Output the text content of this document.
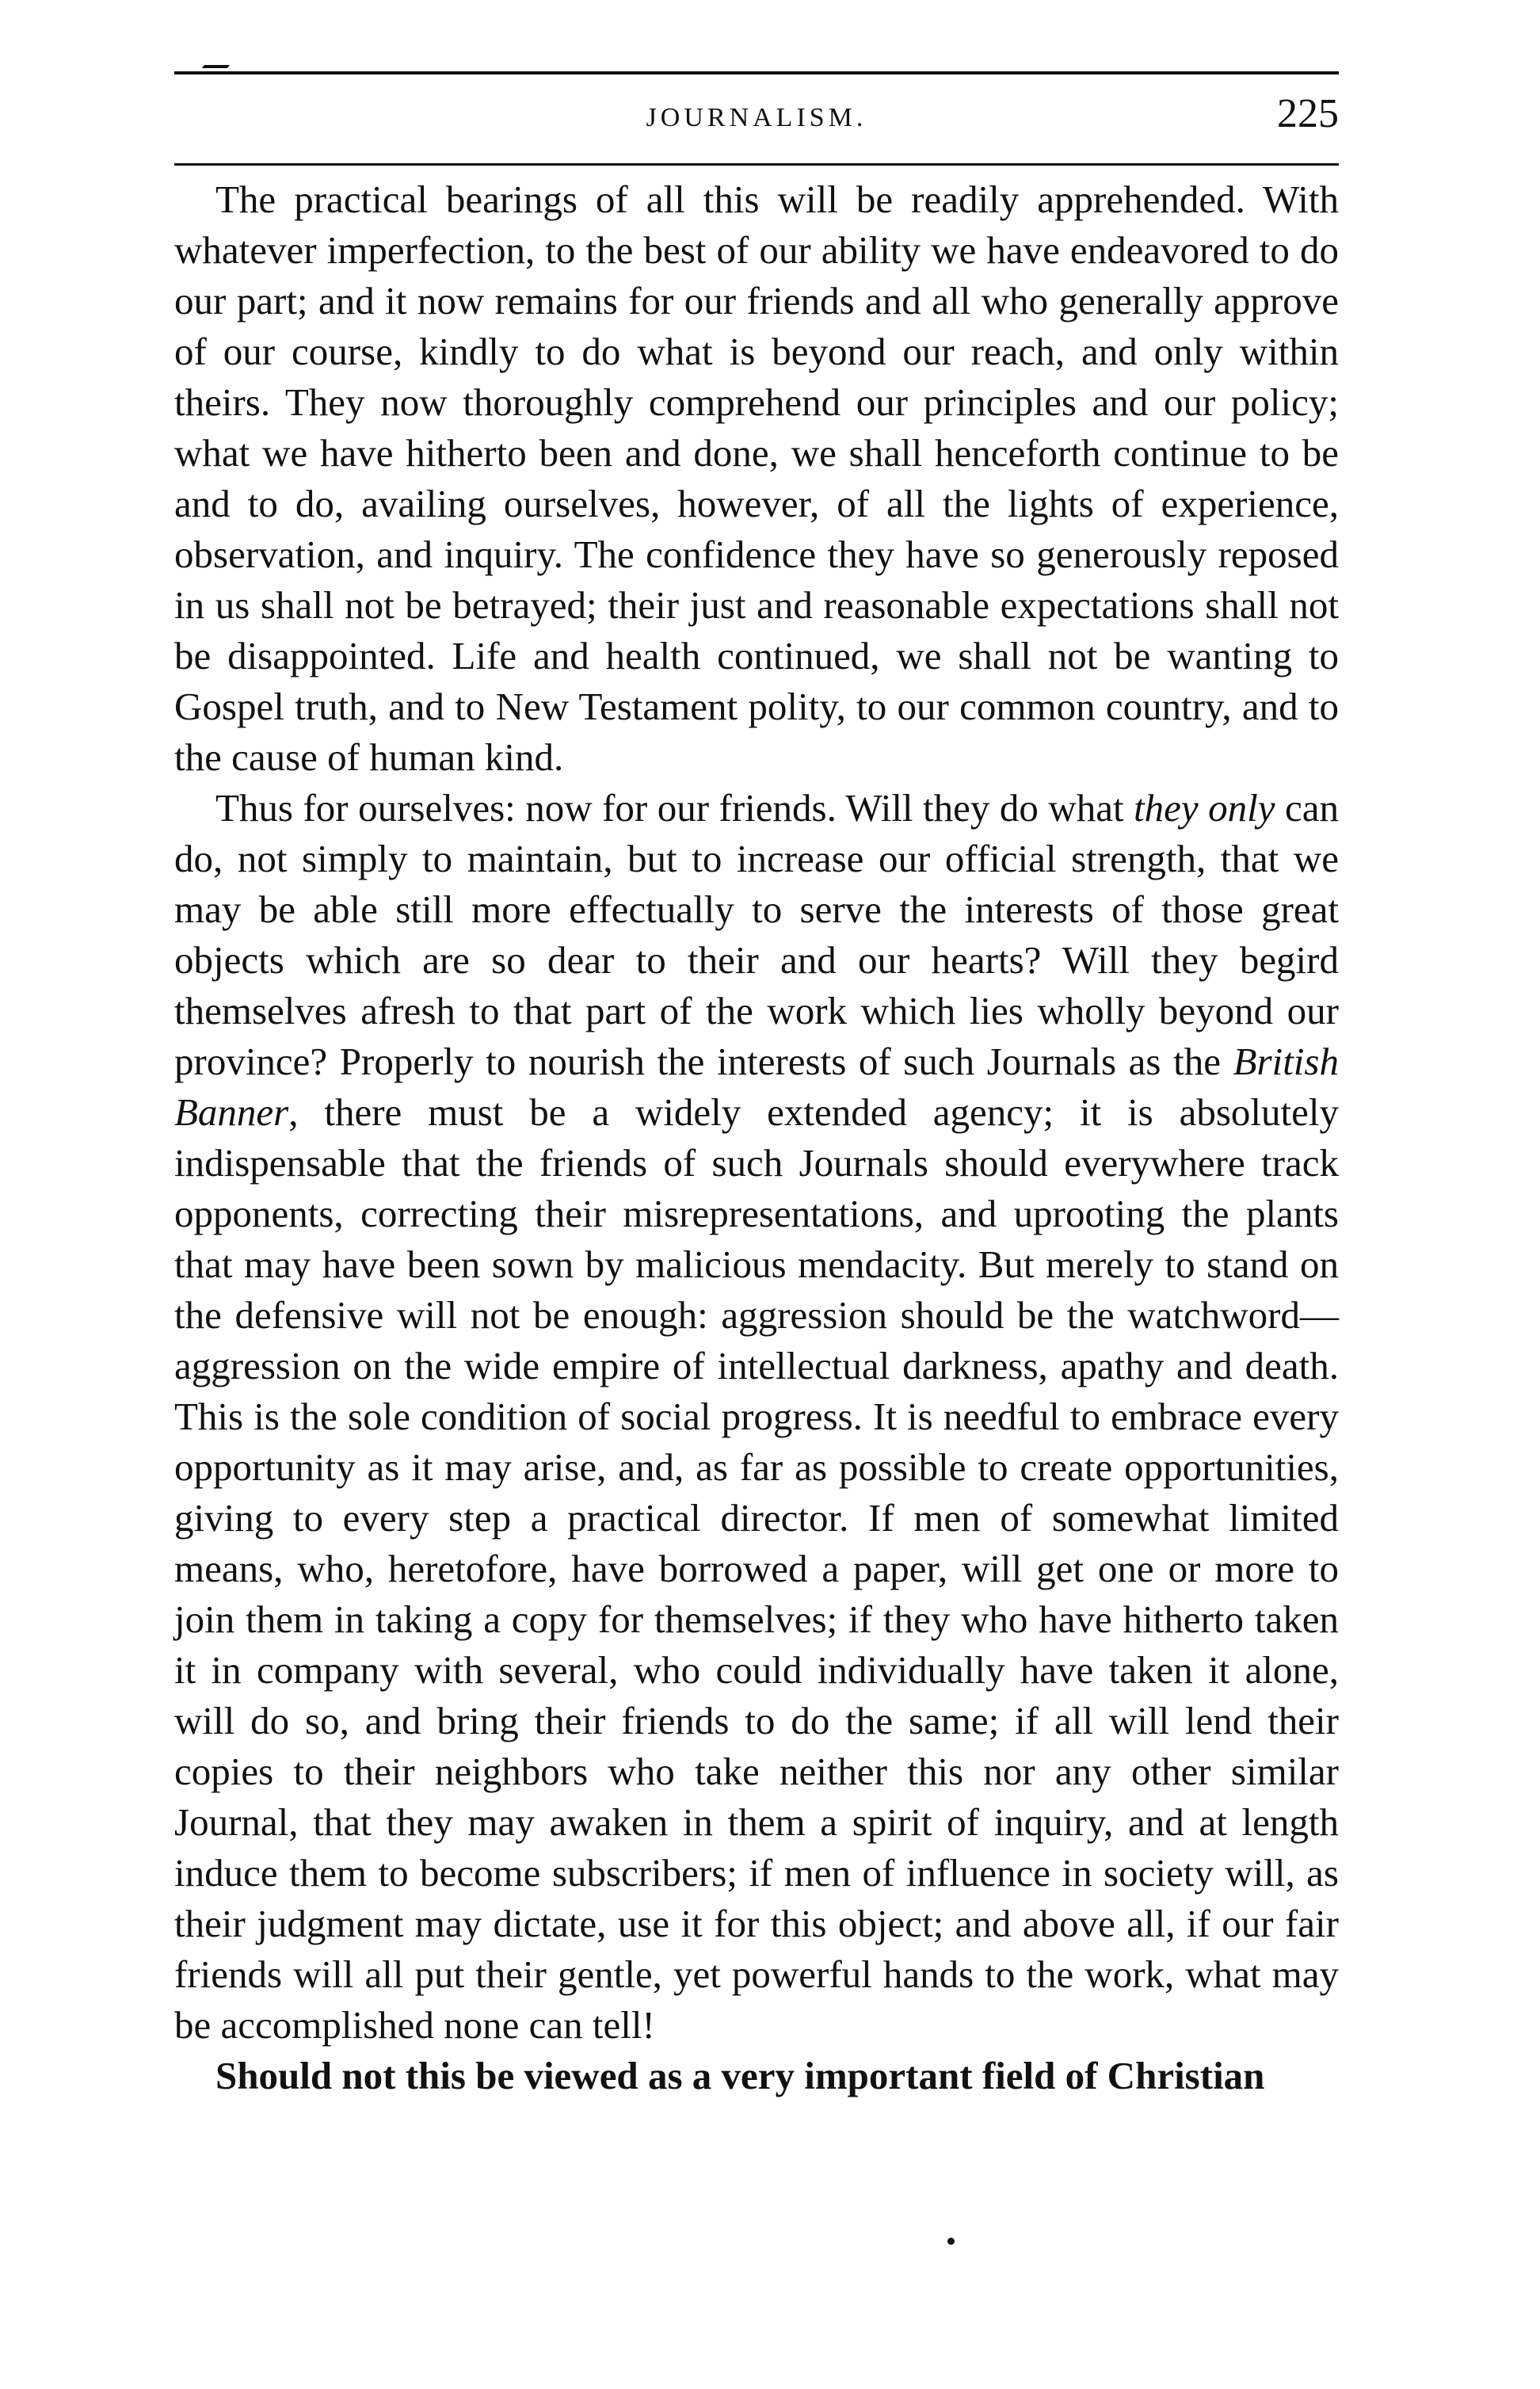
JOURNALISM.	225

The practical bearings of all this will be readily apprehended. With whatever imperfection, to the best of our ability we have endeavored to do our part; and it now remains for our friends and all who generally approve of our course, kindly to do what is beyond our reach, and only within theirs. They now thoroughly comprehend our principles and our policy; what we have hitherto been and done, we shall henceforth continue to be and to do, availing ourselves, however, of all the lights of experience, observation, and inquiry. The confidence they have so generously reposed in us shall not be betrayed; their just and reasonable expectations shall not be disappointed. Life and health continued, we shall not be wanting to Gospel truth, and to New Testament polity, to our common country, and to the cause of human kind.

Thus for ourselves: now for our friends. Will they do what they only can do, not simply to maintain, but to increase our official strength, that we may be able still more effectually to serve the interests of those great objects which are so dear to their and our hearts? Will they begird themselves afresh to that part of the work which lies wholly beyond our province? Properly to nourish the interests of such Journals as the British Banner, there must be a widely extended agency; it is absolutely indispensable that the friends of such Journals should everywhere track opponents, correcting their misrepresentations, and uprooting the plants that may have been sown by malicious mendacity. But merely to stand on the defensive will not be enough: aggression should be the watchword—aggression on the wide empire of intellectual darkness, apathy and death. This is the sole condition of social progress. It is needful to embrace every opportunity as it may arise, and, as far as possible to create opportunities, giving to every step a practical director. If men of somewhat limited means, who, heretofore, have borrowed a paper, will get one or more to join them in taking a copy for themselves; if they who have hitherto taken it in company with several, who could individually have taken it alone, will do so, and bring their friends to do the same; if all will lend their copies to their neighbors who take neither this nor any other similar Journal, that they may awaken in them a spirit of inquiry, and at length induce them to become subscribers; if men of influence in society will, as their judgment may dictate, use it for this object; and above all, if our fair friends will all put their gentle, yet powerful hands to the work, what may be accomplished none can tell!

Should not this be viewed as a very important field of Christian
